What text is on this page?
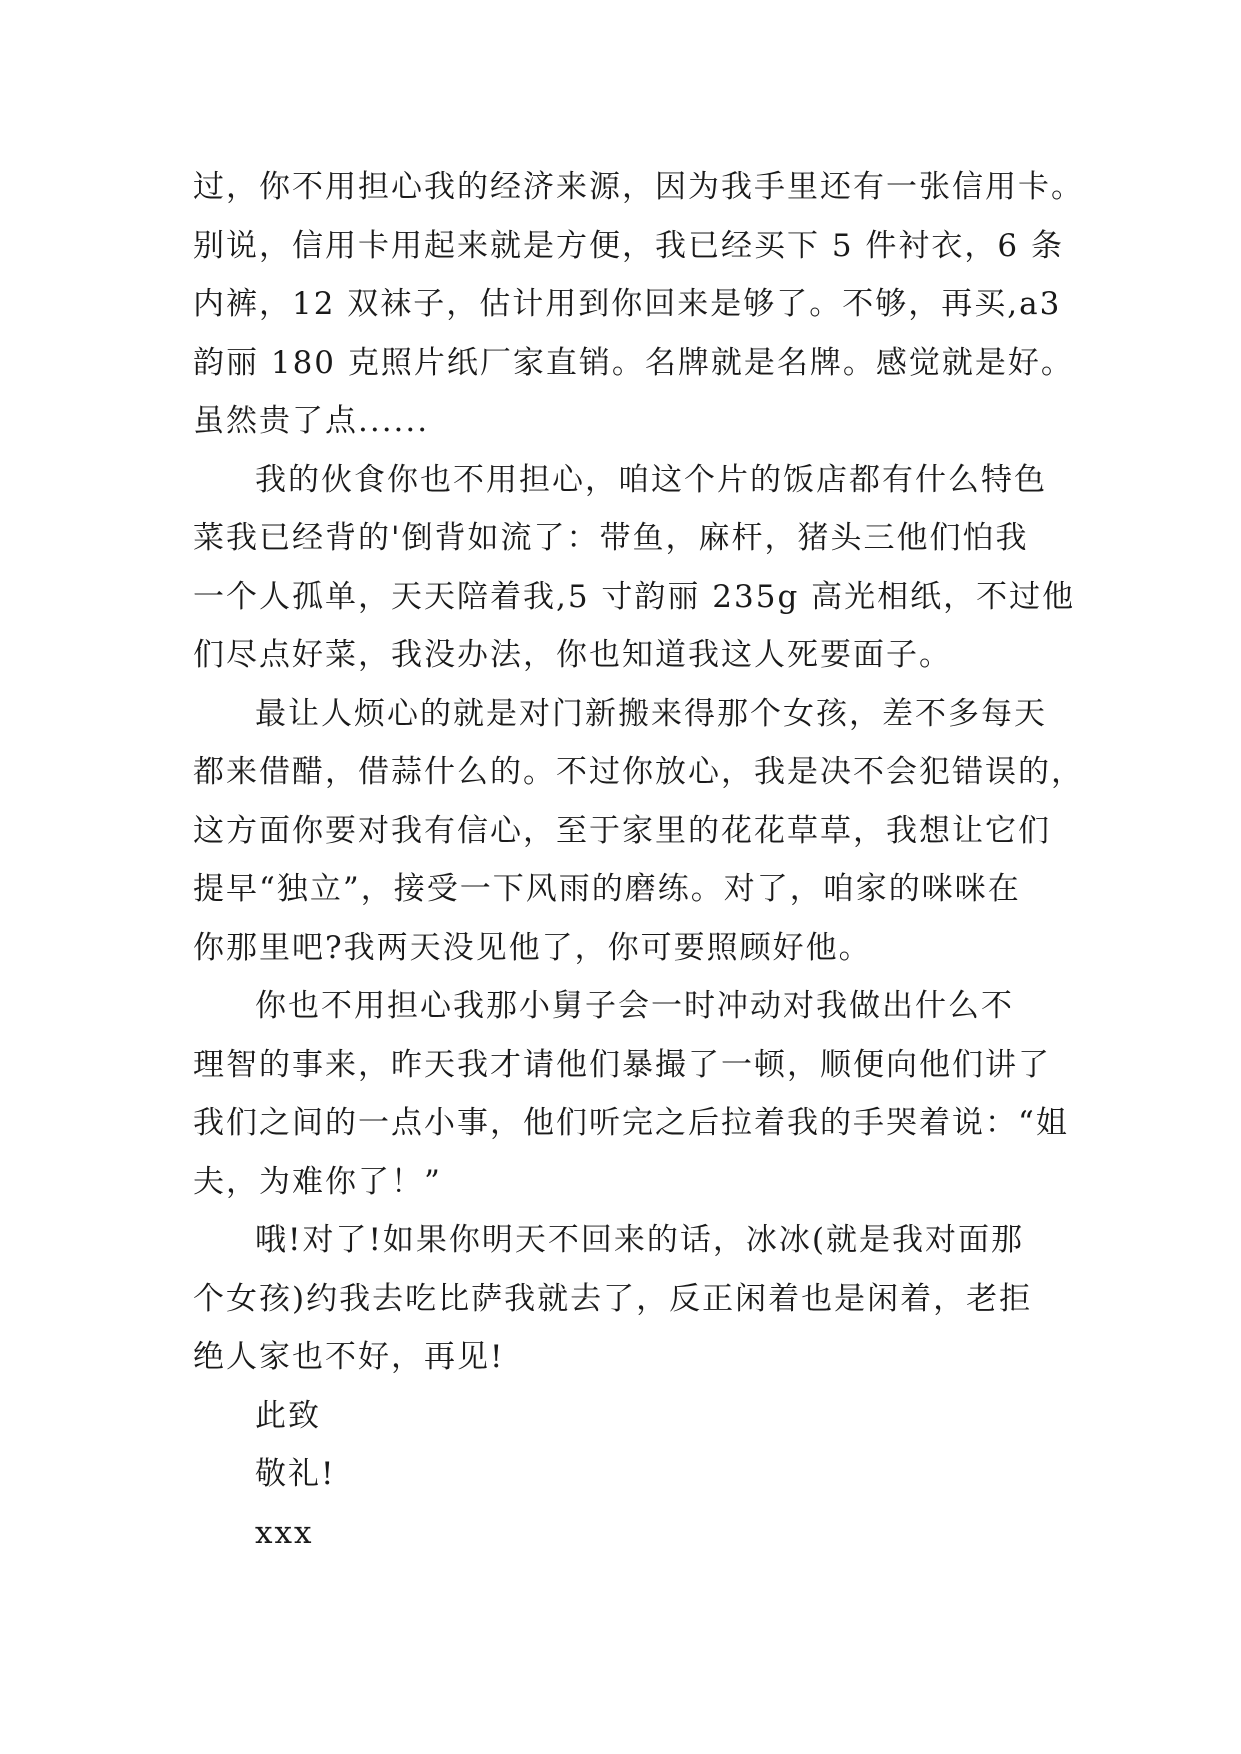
过，你不用担心我的经济来源，因为我手里还有一张信用卡。
别说，信用卡用起来就是方便，我已经买下 5 件衬衣，6 条
内裤，12 双袜子，估计用到你回来是够了。不够，再买,a3
韵丽 180 克照片纸厂家直销。名牌就是名牌。感觉就是好。
虽然贵了点......
我的伙食你也不用担心，咱这个片的饭店都有什么特色
菜我已经背的'倒背如流了：带鱼，麻杆，猪头三他们怕我
一个人孤单，天天陪着我,5 寸韵丽 235g 高光相纸，不过他
们尽点好菜，我没办法，你也知道我这人死要面子。
最让人烦心的就是对门新搬来得那个女孩，差不多每天
都来借醋，借蒜什么的。不过你放心，我是决不会犯错误的，
这方面你要对我有信心，至于家里的花花草草，我想让它们
提早“独立”，接受一下风雨的磨练。对了，咱家的咪咪在
你那里吧?我两天没见他了，你可要照顾好他。
你也不用担心我那小舅子会一时冲动对我做出什么不
理智的事来，昨天我才请他们暴撮了一顿，顺便向他们讲了
我们之间的一点小事，他们听完之后拉着我的手哭着说：“姐
夫，为难你了！”
哦!对了!如果你明天不回来的话，冰冰(就是我对面那
个女孩)约我去吃比萨我就去了，反正闲着也是闲着，老拒
绝人家也不好，再见!
此致
敬礼!
xxx
